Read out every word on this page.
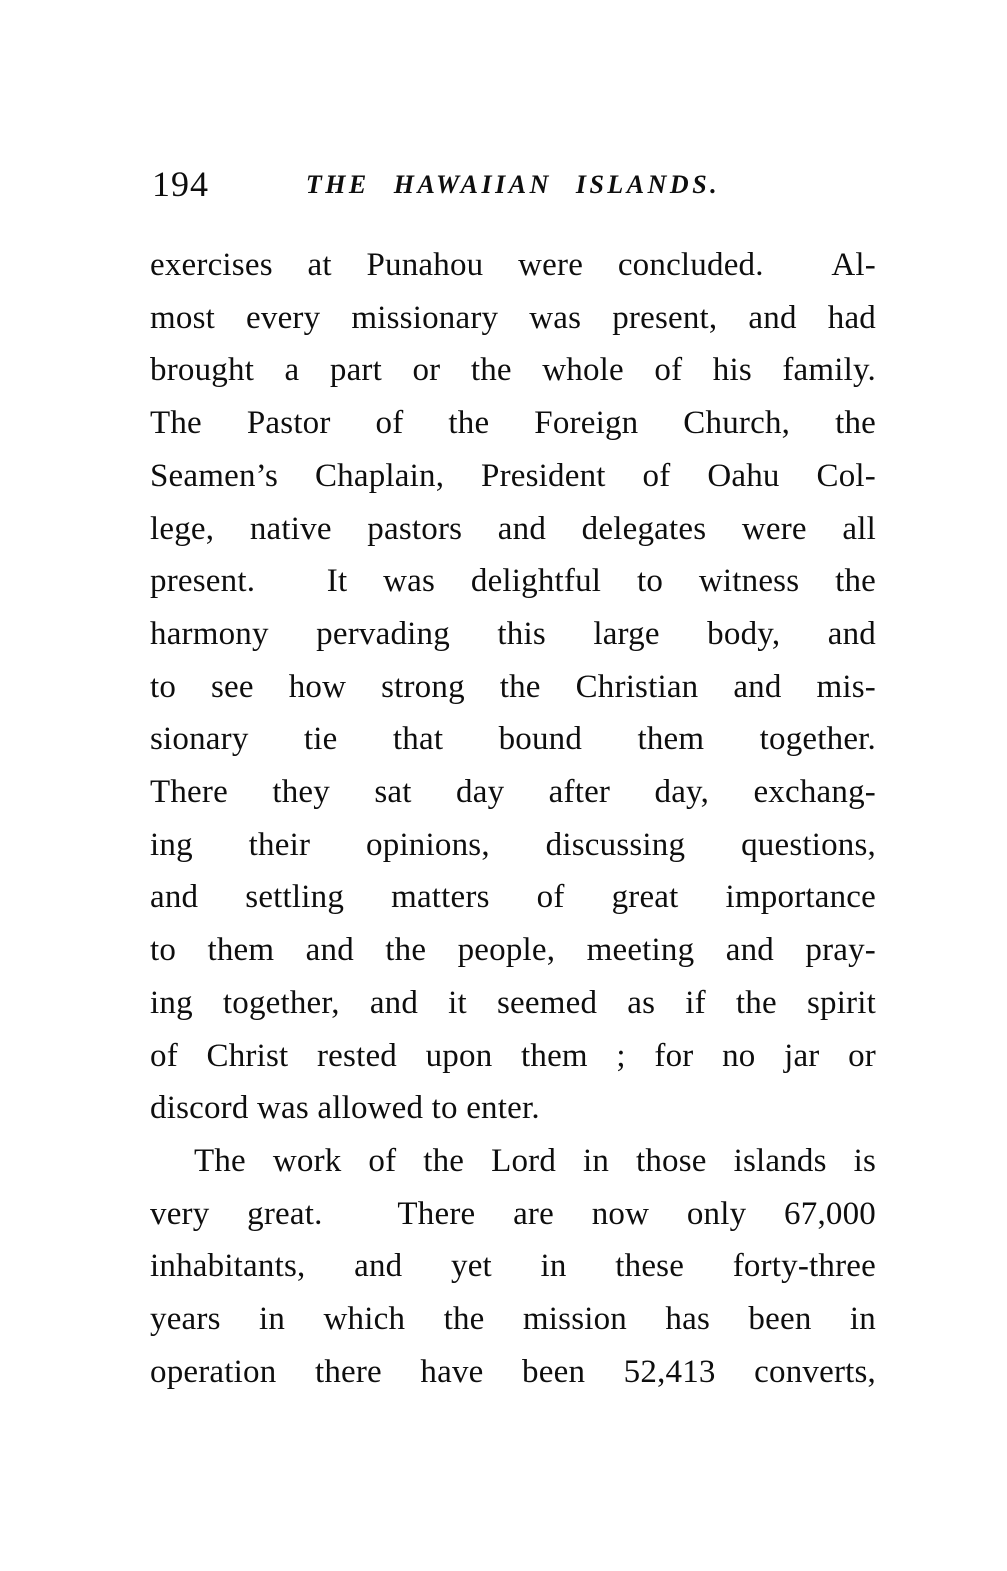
194	THE HAWAIIAN ISLANDS.
exercises at Punahou were concluded.  Al-
most every missionary was present, and had
brought a part or the whole of his family.
The Pastor of the Foreign Church, the
Seamen’s Chaplain, President of Oahu Col-
lege, native pastors and delegates were all
present.  It was delightful to witness the
harmony pervading this large body, and
to see how strong the Christian and mis-
sionary tie that bound them together.
There they sat day after day, exchang-
ing their opinions, discussing questions,
and settling matters of great importance
to them and the people, meeting and pray-
ing together, and it seemed as if the spirit
of Christ rested upon them ; for no jar or
discord was allowed to enter.
The work of the Lord in those islands is
very great.  There are now only 67,000
inhabitants, and yet in these forty-three
years in which the mission has been in
operation there have been 52,413 converts,
